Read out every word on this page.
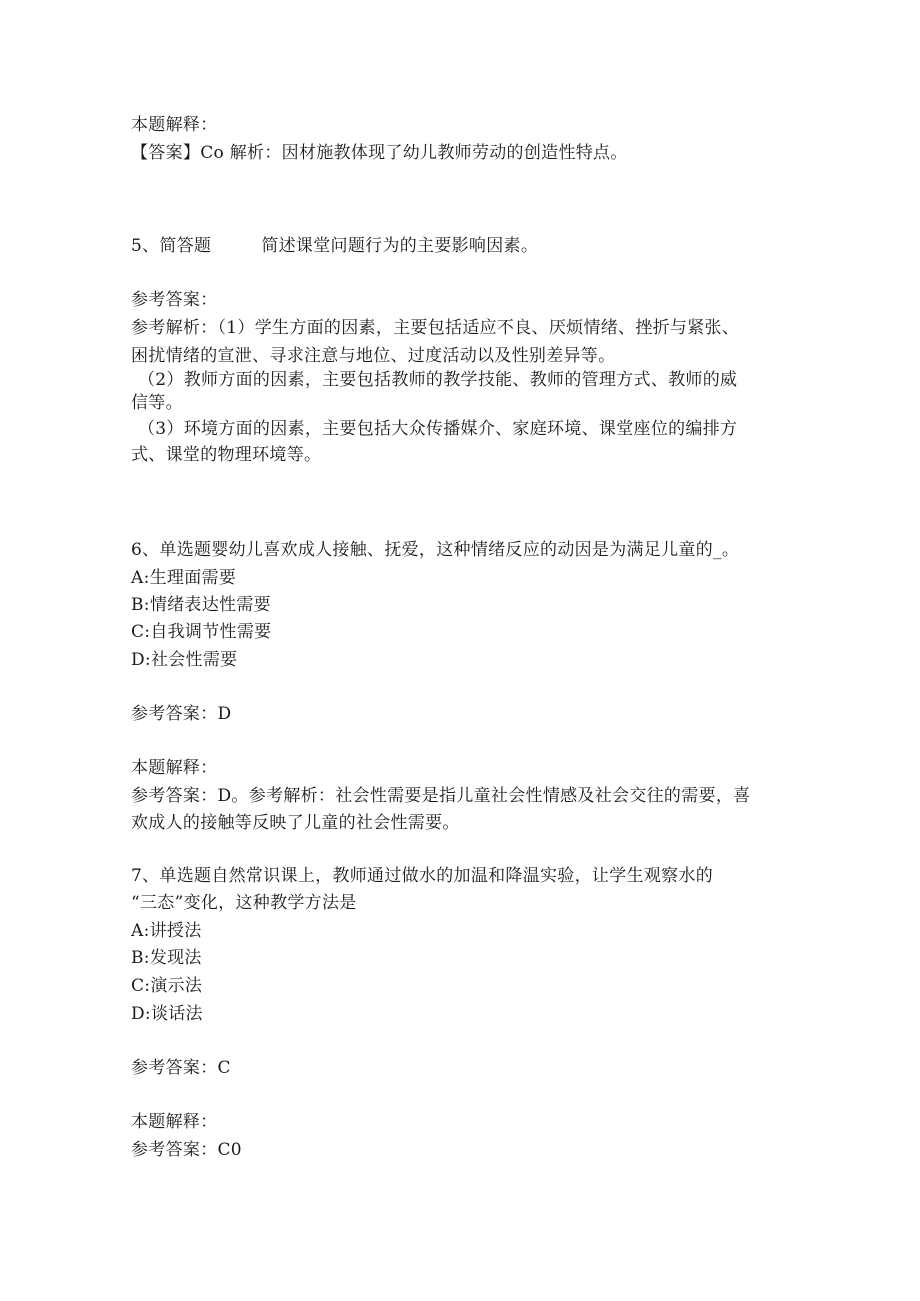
本题解释：
【答案】Co 解析：因材施教体现了幼儿教师劳动的创造性特点。
5、简答题	简述课堂问题行为的主要影响因素。
参考答案：
参考解析：（1）学生方面的因素，主要包括适应不良、厌烦情绪、挫折与紧张、
困扰情绪的宣泄、寻求注意与地位、过度活动以及性别差异等。
（2）教师方面的因素，主要包括教师的教学技能、教师的管理方式、教师的威
信等。
（3）环境方面的因素，主要包括大众传播媒介、家庭环境、课堂座位的编排方
式、课堂的物理环境等。
6、单选题婴幼儿喜欢成人接触、抚爱，这种情绪反应的动因是为满足儿童的_。
A:生理面需要
B:情绪表达性需要
C:自我调节性需要
D:社会性需要
参考答案：D
本题解释：
参考答案：D。参考解析：社会性需要是指儿童社会性情感及社会交往的需要，喜
欢成人的接触等反映了儿童的社会性需要。
7、单选题自然常识课上，教师通过做水的加温和降温实验，让学生观察水的
“三态”变化，这种教学方法是
A:讲授法
B:发现法
C:演示法
D:谈话法
参考答案：C
本题解释：
参考答案：C0
